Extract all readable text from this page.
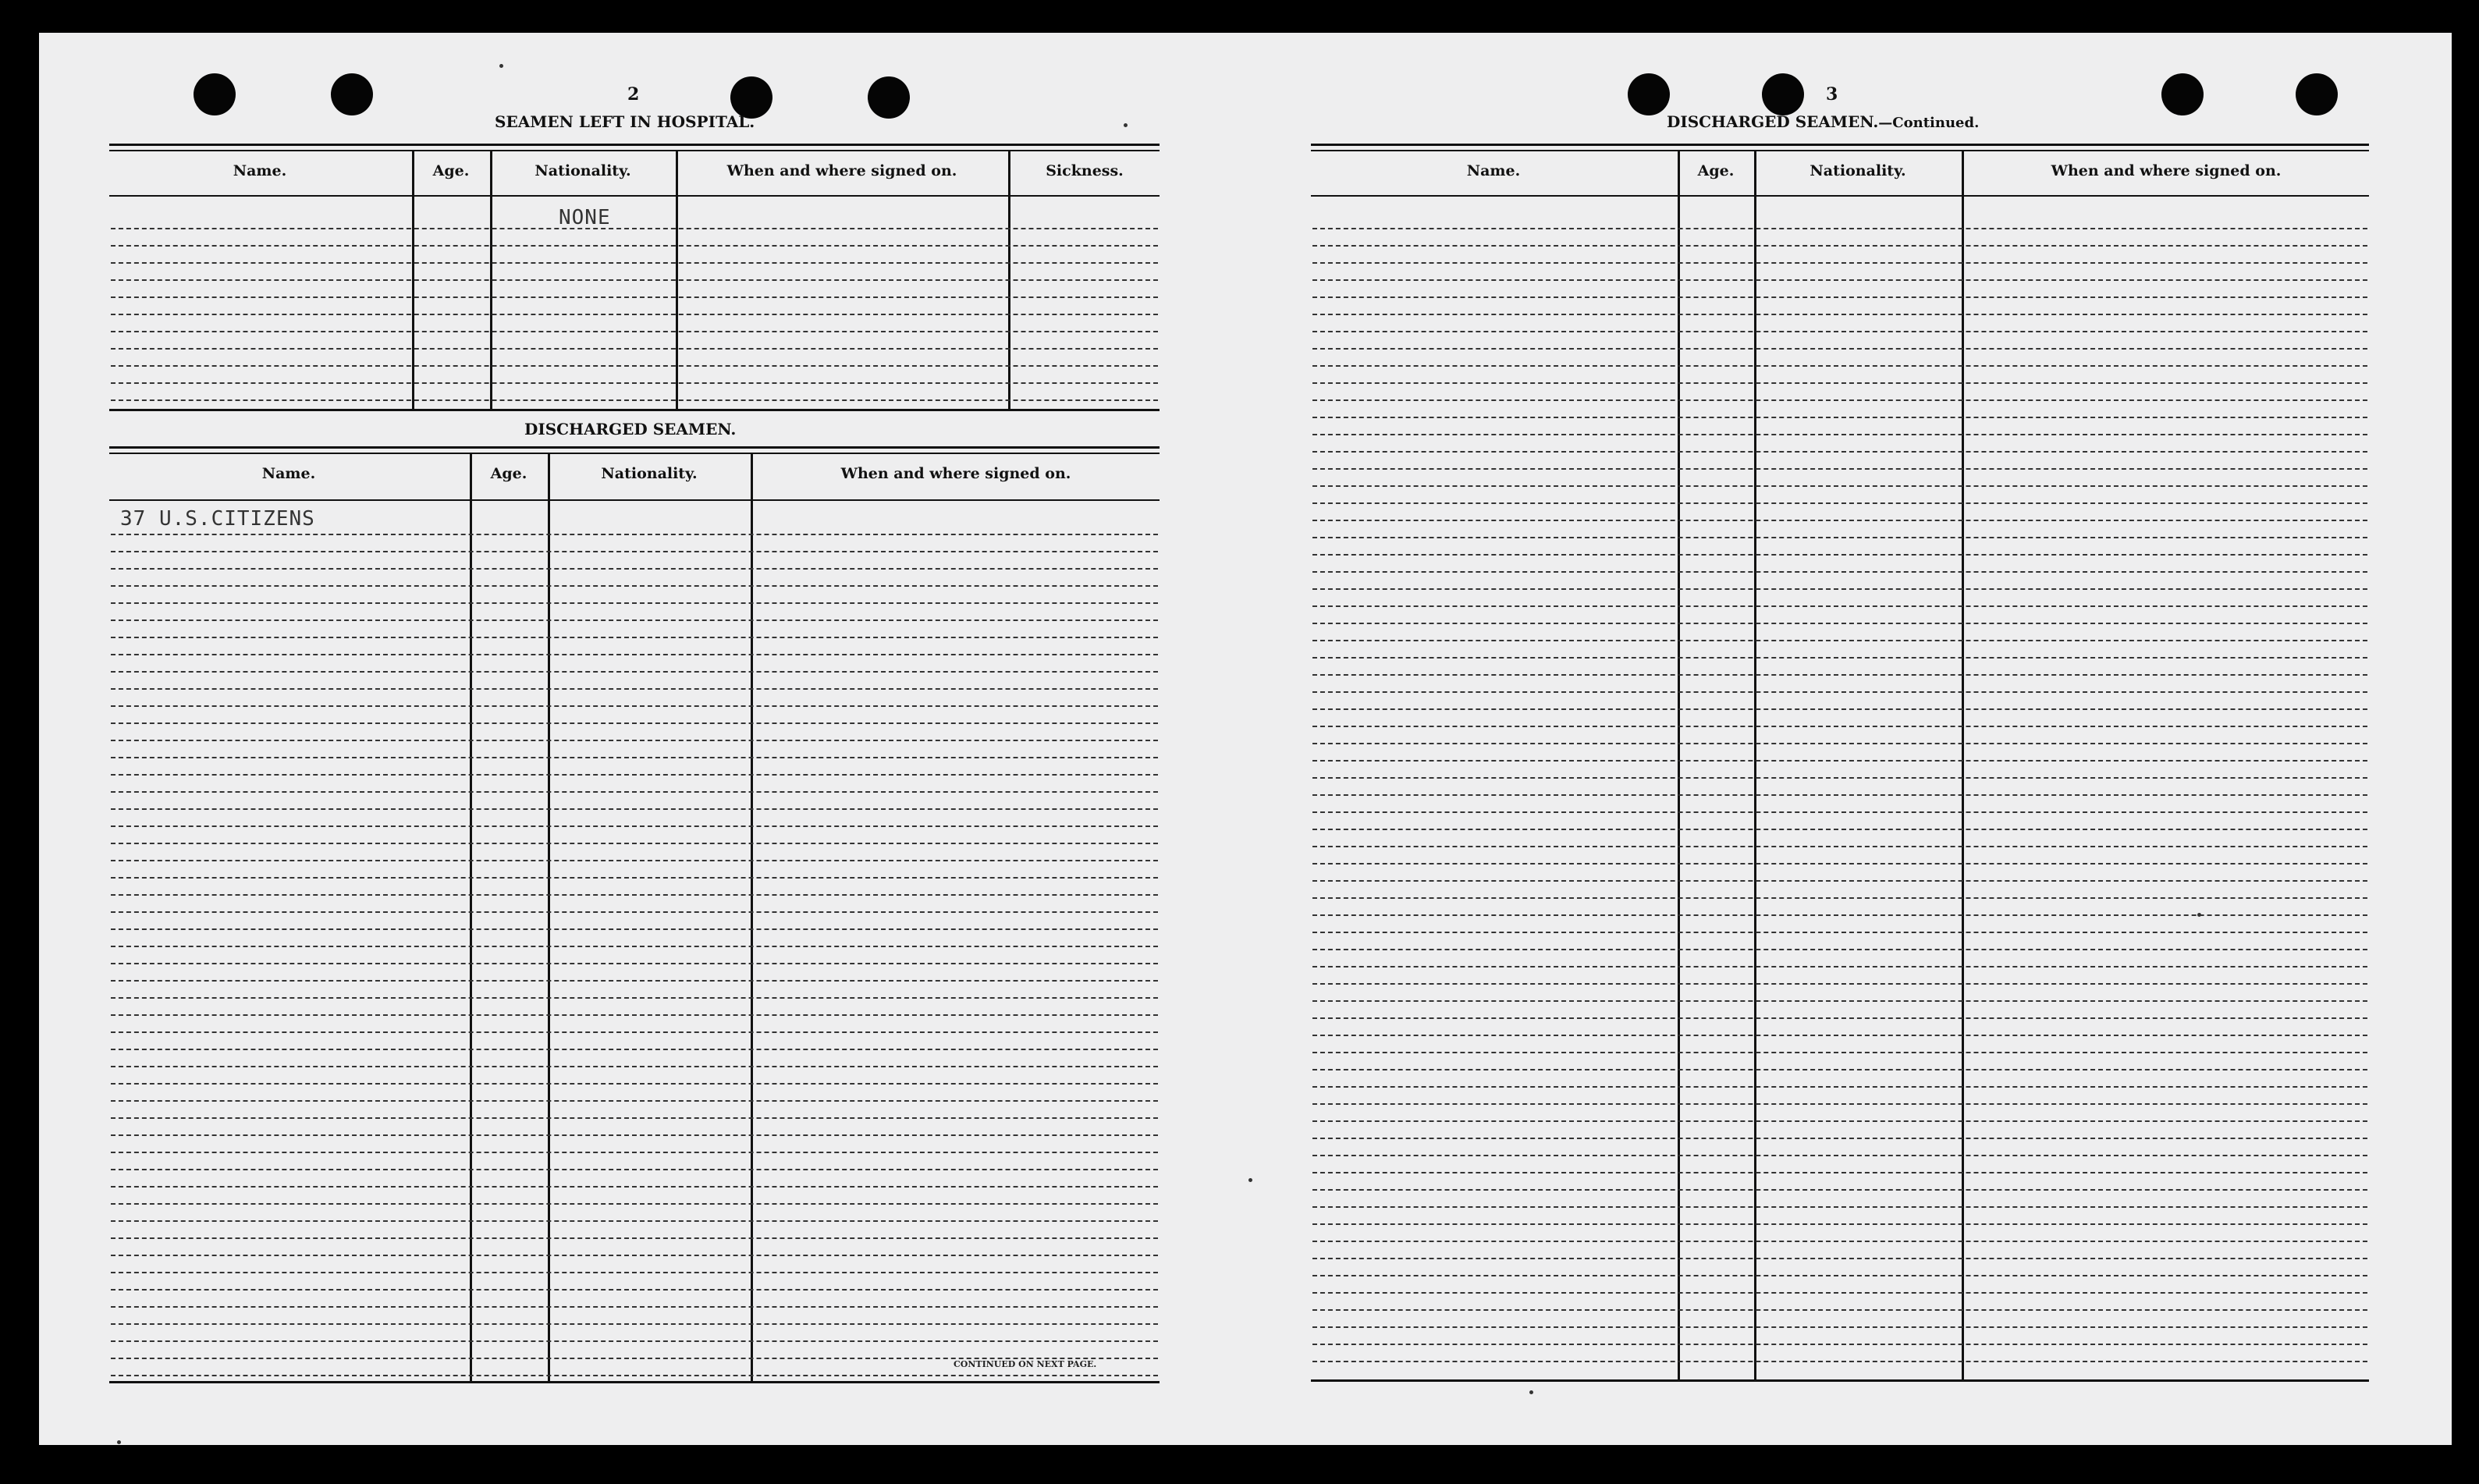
2
SEAMEN LEFT IN HOSPITAL.
Name.	Age.	Nationality.	When and where signed on.	Sickness.
NONE
DISCHARGED SEAMEN.
Name.	Age.	Nationality.	When and where signed on.
37 U.S.CITIZENS
CONTINUED ON NEXT PAGE.
3
DISCHARGED SEAMEN.—Continued.
Name.	Age.	Nationality.	When and where signed on.
